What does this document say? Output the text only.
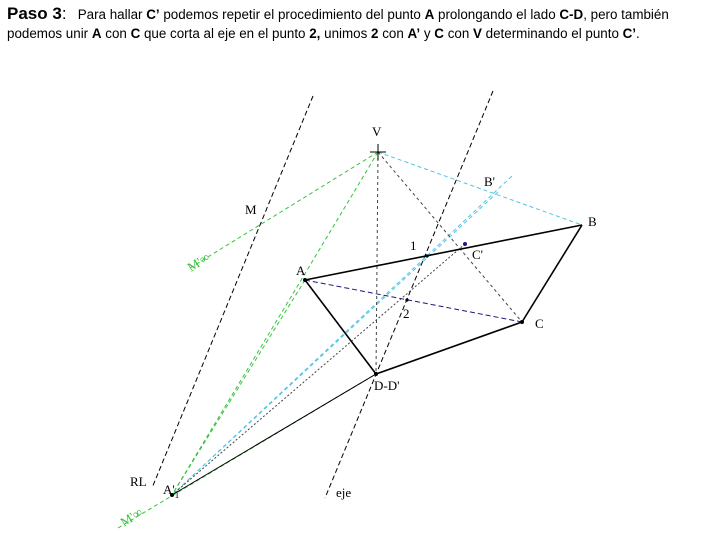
Paso 3: Para hallar C’ podemos repetir el procedimiento del punto A prolongando el lado C-D, pero también podemos unir A con C que corta al eje en el punto 2, unimos 2 con A’ y C con V determinando el punto C’.
V
M
B'
B
1
C'
A
2
C
D-D'
RL
$A'_1$	eje
M'∞
M'∞
